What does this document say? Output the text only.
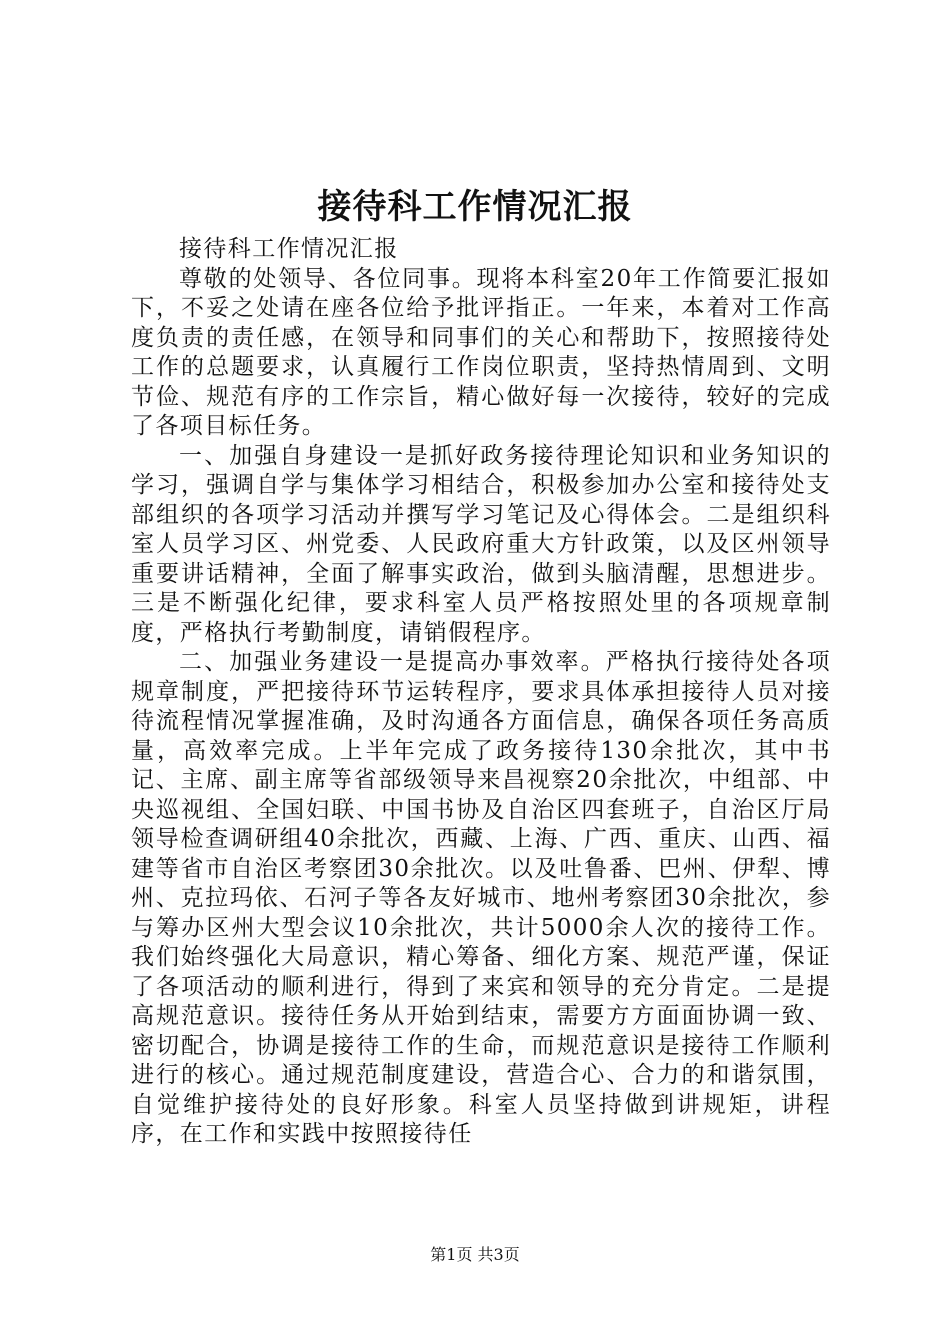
接待科工作情况汇报

接待科工作情况汇报

尊敬的处领导、各位同事。现将本科室20年工作简要汇报如下，不妥之处请在座各位给予批评指正。一年来，本着对工作高度负责的责任感，在领导和同事们的关心和帮助下，按照接待处工作的总题要求，认真履行工作岗位职责，坚持热情周到、文明节俭、规范有序的工作宗旨，精心做好每一次接待，较好的完成了各项目标任务。

一、加强自身建设一是抓好政务接待理论知识和业务知识的学习，强调自学与集体学习相结合，积极参加办公室和接待处支部组织的各项学习活动并撰写学习笔记及心得体会。二是组织科室人员学习区、州党委、人民政府重大方针政策，以及区州领导重要讲话精神，全面了解事实政治，做到头脑清醒，思想进步。三是不断强化纪律，要求科室人员严格按照处里的各项规章制度，严格执行考勤制度，请销假程序。

二、加强业务建设一是提高办事效率。严格执行接待处各项规章制度，严把接待环节运转程序，要求具体承担接待人员对接待流程情况掌握准确，及时沟通各方面信息，确保各项任务高质量，高效率完成。上半年完成了政务接待130余批次，其中书记、主席、副主席等省部级领导来昌视察20余批次，中组部、中央巡视组、全国妇联、中国书协及自治区四套班子，自治区厅局领导检查调研组40余批次，西藏、上海、广西、重庆、山西、福建等省市自治区考察团30余批次。以及吐鲁番、巴州、伊犁、博州、克拉玛依、石河子等各友好城市、地州考察团30余批次，参与筹办区州大型会议10余批次，共计5000余人次的接待工作。我们始终强化大局意识，精心筹备、细化方案、规范严谨，保证了各项活动的顺利进行，得到了来宾和领导的充分肯定。二是提高规范意识。接待任务从开始到结束，需要方方面面协调一致、密切配合，协调是接待工作的生命，而规范意识是接待工作顺利进行的核心。通过规范制度建设，营造合心、合力的和谐氛围，自觉维护接待处的良好形象。科室人员坚持做到讲规矩，讲程序，在工作和实践中按照接待任

第1页 共3页
